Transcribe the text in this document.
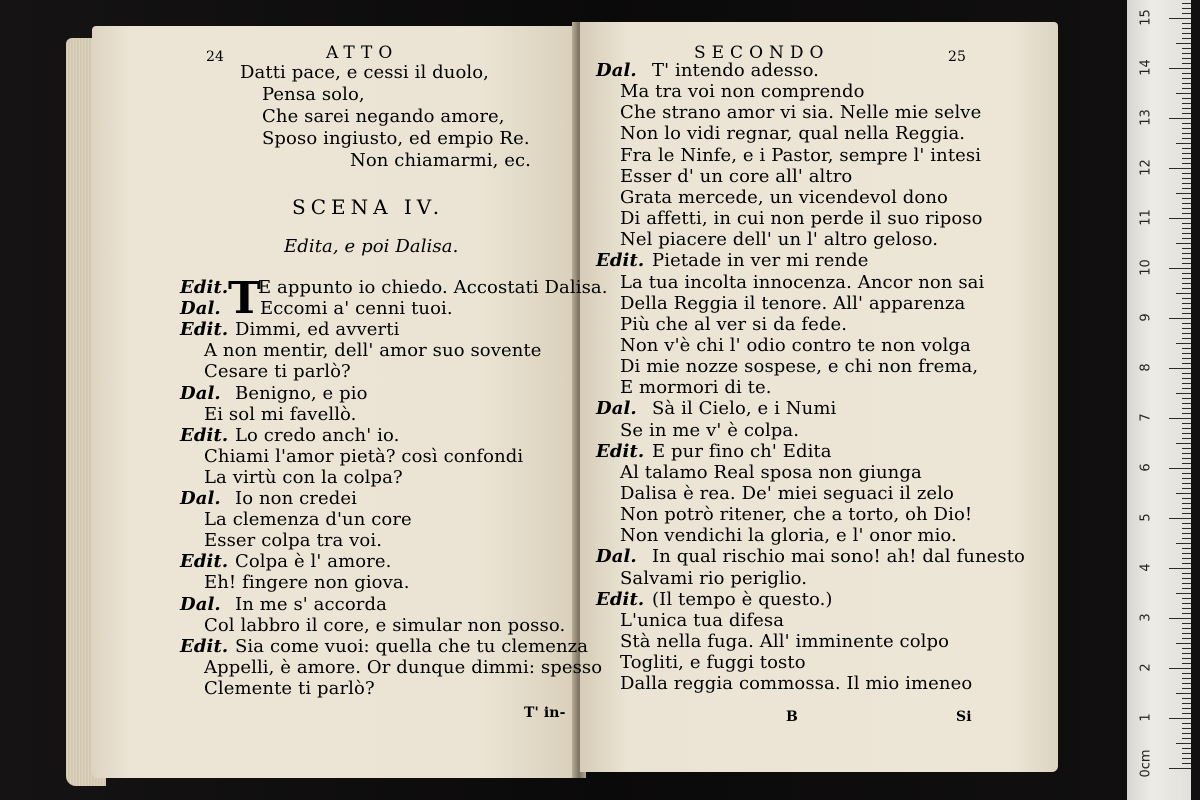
24	ATTO
Datti pace, e cessi il duolo,
Pensa solo,
Che sarei negando amore,
Sposo ingiusto, ed empio Re.
Non chiamarmi, ec.
SCENA IV.
Edita, e poi Dalisa.
T
Edit. E appunto io chiedo. Accostati Dalisa.
Dal. Eccomi a' cenni tuoi.
Edit. Dimmi, ed avverti
A non mentir, dell' amor suo sovente
Cesare ti parlò?
Dal. Benigno, e pio
Ei sol mi favellò.
Edit. Lo credo anch' io.
Chiami l'amor pietà? così confondi
La virtù con la colpa?
Dal. Io non credei
La clemenza d'un core
Esser colpa tra voi.
Edit. Colpa è l' amore.
Eh! fingere non giova.
Dal. In me s' accorda
Col labbro il core, e simular non posso.
Edit. Sia come vuoi: quella che tu clemenza
Appelli, è amore. Or dunque dimmi: spesso
Clemente ti parlò?
Dal. T' intendo adesso.
Ma tra voi non comprendo
Che strano amor vi sia. Nelle mie selve
Non lo vidi regnar, qual nella Reggia.
Fra le Ninfe, e i Pastor, sempre l' intesi
Esser d' un core all' altro
Grata mercede, un vicendevol dono
Di affetti, in cui non perde il suo riposo
Nel piacere dell' un l' altro geloso.
Edit. Pietade in ver mi rende
La tua incolta innocenza. Ancor non sai
Della Reggia il tenore. All' apparenza
Più che al ver si da fede.
Non v'è chi l' odio contro te non volga
Di mie nozze sospese, e chi non frema,
E mormori di te.
Dal. Sà il Cielo, e i Numi
Se in me v' è colpa.
Edit. E pur fino ch' Edita
Al talamo Real sposa non giunga
Dalisa è rea. De' miei seguaci il zelo
Non potrò ritener, che a torto, oh Dio!
Non vendichi la gloria, e l' onor mio.
Dal. In qual rischio mai sono! ah! dal funesto
Salvami rio periglio.
Edit. (Il tempo è questo.)
L'unica tua difesa
Stà nella fuga. All' imminente colpo
Togliti, e fuggi tosto
Dalla reggia commossa. Il mio imeneo
T' in-
SECONDO	25
B	Si
0cm
1
2
3
4
5
6
7
8
9
10
11
12
13
14
15
